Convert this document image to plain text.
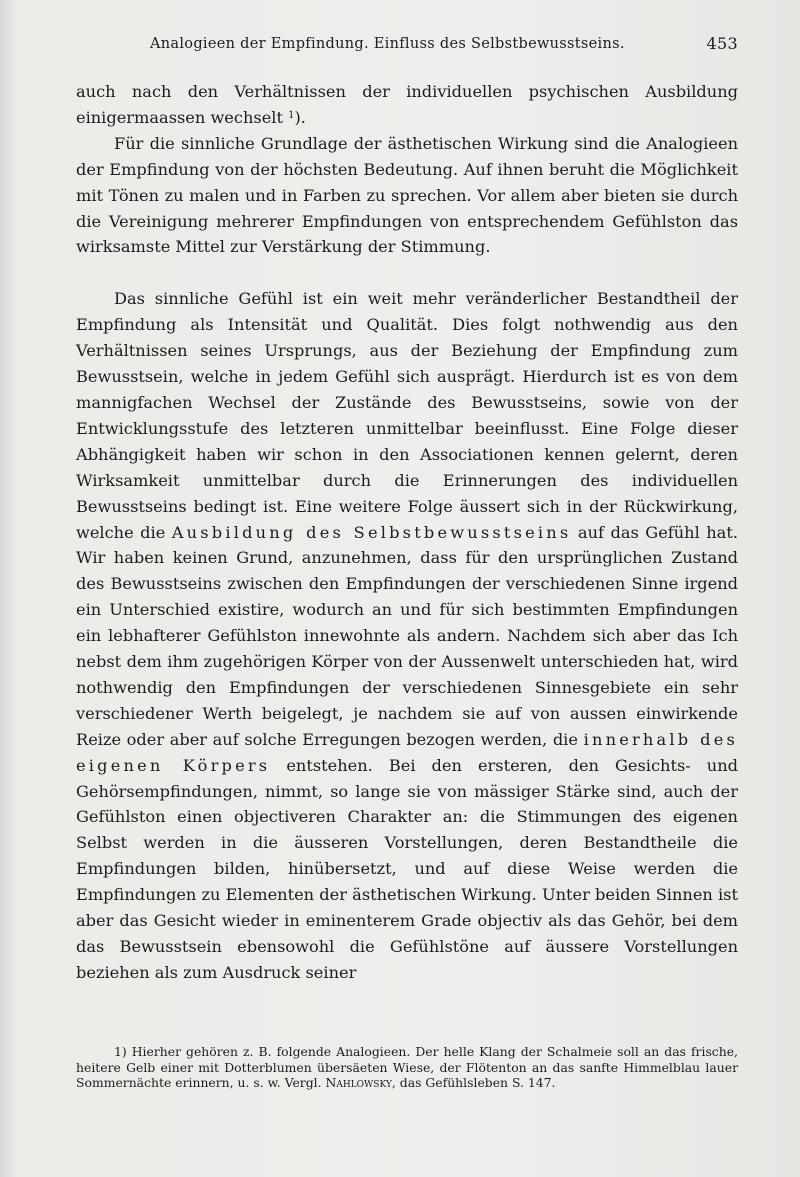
Analogieen der Empfindung. Einfluss des Selbstbewusstseins.	453

auch nach den Verhältnissen der individuellen psychischen Ausbildung einigermaassen wechselt $^1$).

Für die sinnliche Grundlage der ästhetischen Wirkung sind die Analogieen der Empfindung von der höchsten Bedeutung. Auf ihnen beruht die Möglichkeit mit Tönen zu malen und in Farben zu sprechen. Vor allem aber bieten sie durch die Vereinigung mehrerer Empfindungen von entsprechendem Gefühlston das wirksamste Mittel zur Verstärkung der Stimmung.

Das sinnliche Gefühl ist ein weit mehr veränderlicher Bestandtheil der Empfindung als Intensität und Qualität. Dies folgt nothwendig aus den Verhältnissen seines Ursprungs, aus der Beziehung der Empfindung zum Bewusstsein, welche in jedem Gefühl sich ausprägt. Hierdurch ist es von dem mannigfachen Wechsel der Zustände des Bewusstseins, sowie von der Entwicklungsstufe des letzteren unmittelbar beeinflusst. Eine Folge dieser Abhängigkeit haben wir schon in den Associationen kennen gelernt, deren Wirksamkeit unmittelbar durch die Erinnerungen des individuellen Bewusstseins bedingt ist. Eine weitere Folge äussert sich in der Rückwirkung, welche die Ausbildung des Selbstbewusstseins auf das Gefühl hat. Wir haben keinen Grund, anzunehmen, dass für den ursprünglichen Zustand des Bewusstseins zwischen den Empfindungen der verschiedenen Sinne irgend ein Unterschied existire, wodurch an und für sich bestimmten Empfindungen ein lebhafterer Gefühlston innewohnte als andern. Nachdem sich aber das Ich nebst dem ihm zugehörigen Körper von der Aussenwelt unterschieden hat, wird nothwendig den Empfindungen der verschiedenen Sinnesgebiete ein sehr verschiedener Werth beigelegt, je nachdem sie auf von aussen einwirkende Reize oder aber auf solche Erregungen bezogen werden, die innerhalb des eigenen Körpers entstehen. Bei den ersteren, den Gesichts- und Gehörsempfindungen, nimmt, so lange sie von mässiger Stärke sind, auch der Gefühlston einen objectiveren Charakter an: die Stimmungen des eigenen Selbst werden in die äusseren Vorstellungen, deren Bestandtheile die Empfindungen bilden, hinübersetzt, und auf diese Weise werden die Empfindungen zu Elementen der ästhetischen Wirkung. Unter beiden Sinnen ist aber das Gesicht wieder in eminenterem Grade objectiv als das Gehör, bei dem das Bewusstsein ebensowohl die Gefühlstöne auf äussere Vorstellungen beziehen als zum Ausdruck seiner

1) Hierher gehören z. B. folgende Analogieen. Der helle Klang der Schalmeie soll an das frische, heitere Gelb einer mit Dotterblumen übersäeten Wiese, der Flötenton an das sanfte Himmelblau lauer Sommernächte erinnern, u. s. w. Vergl. Nahlowsky, das Gefühlsleben S. 147.
